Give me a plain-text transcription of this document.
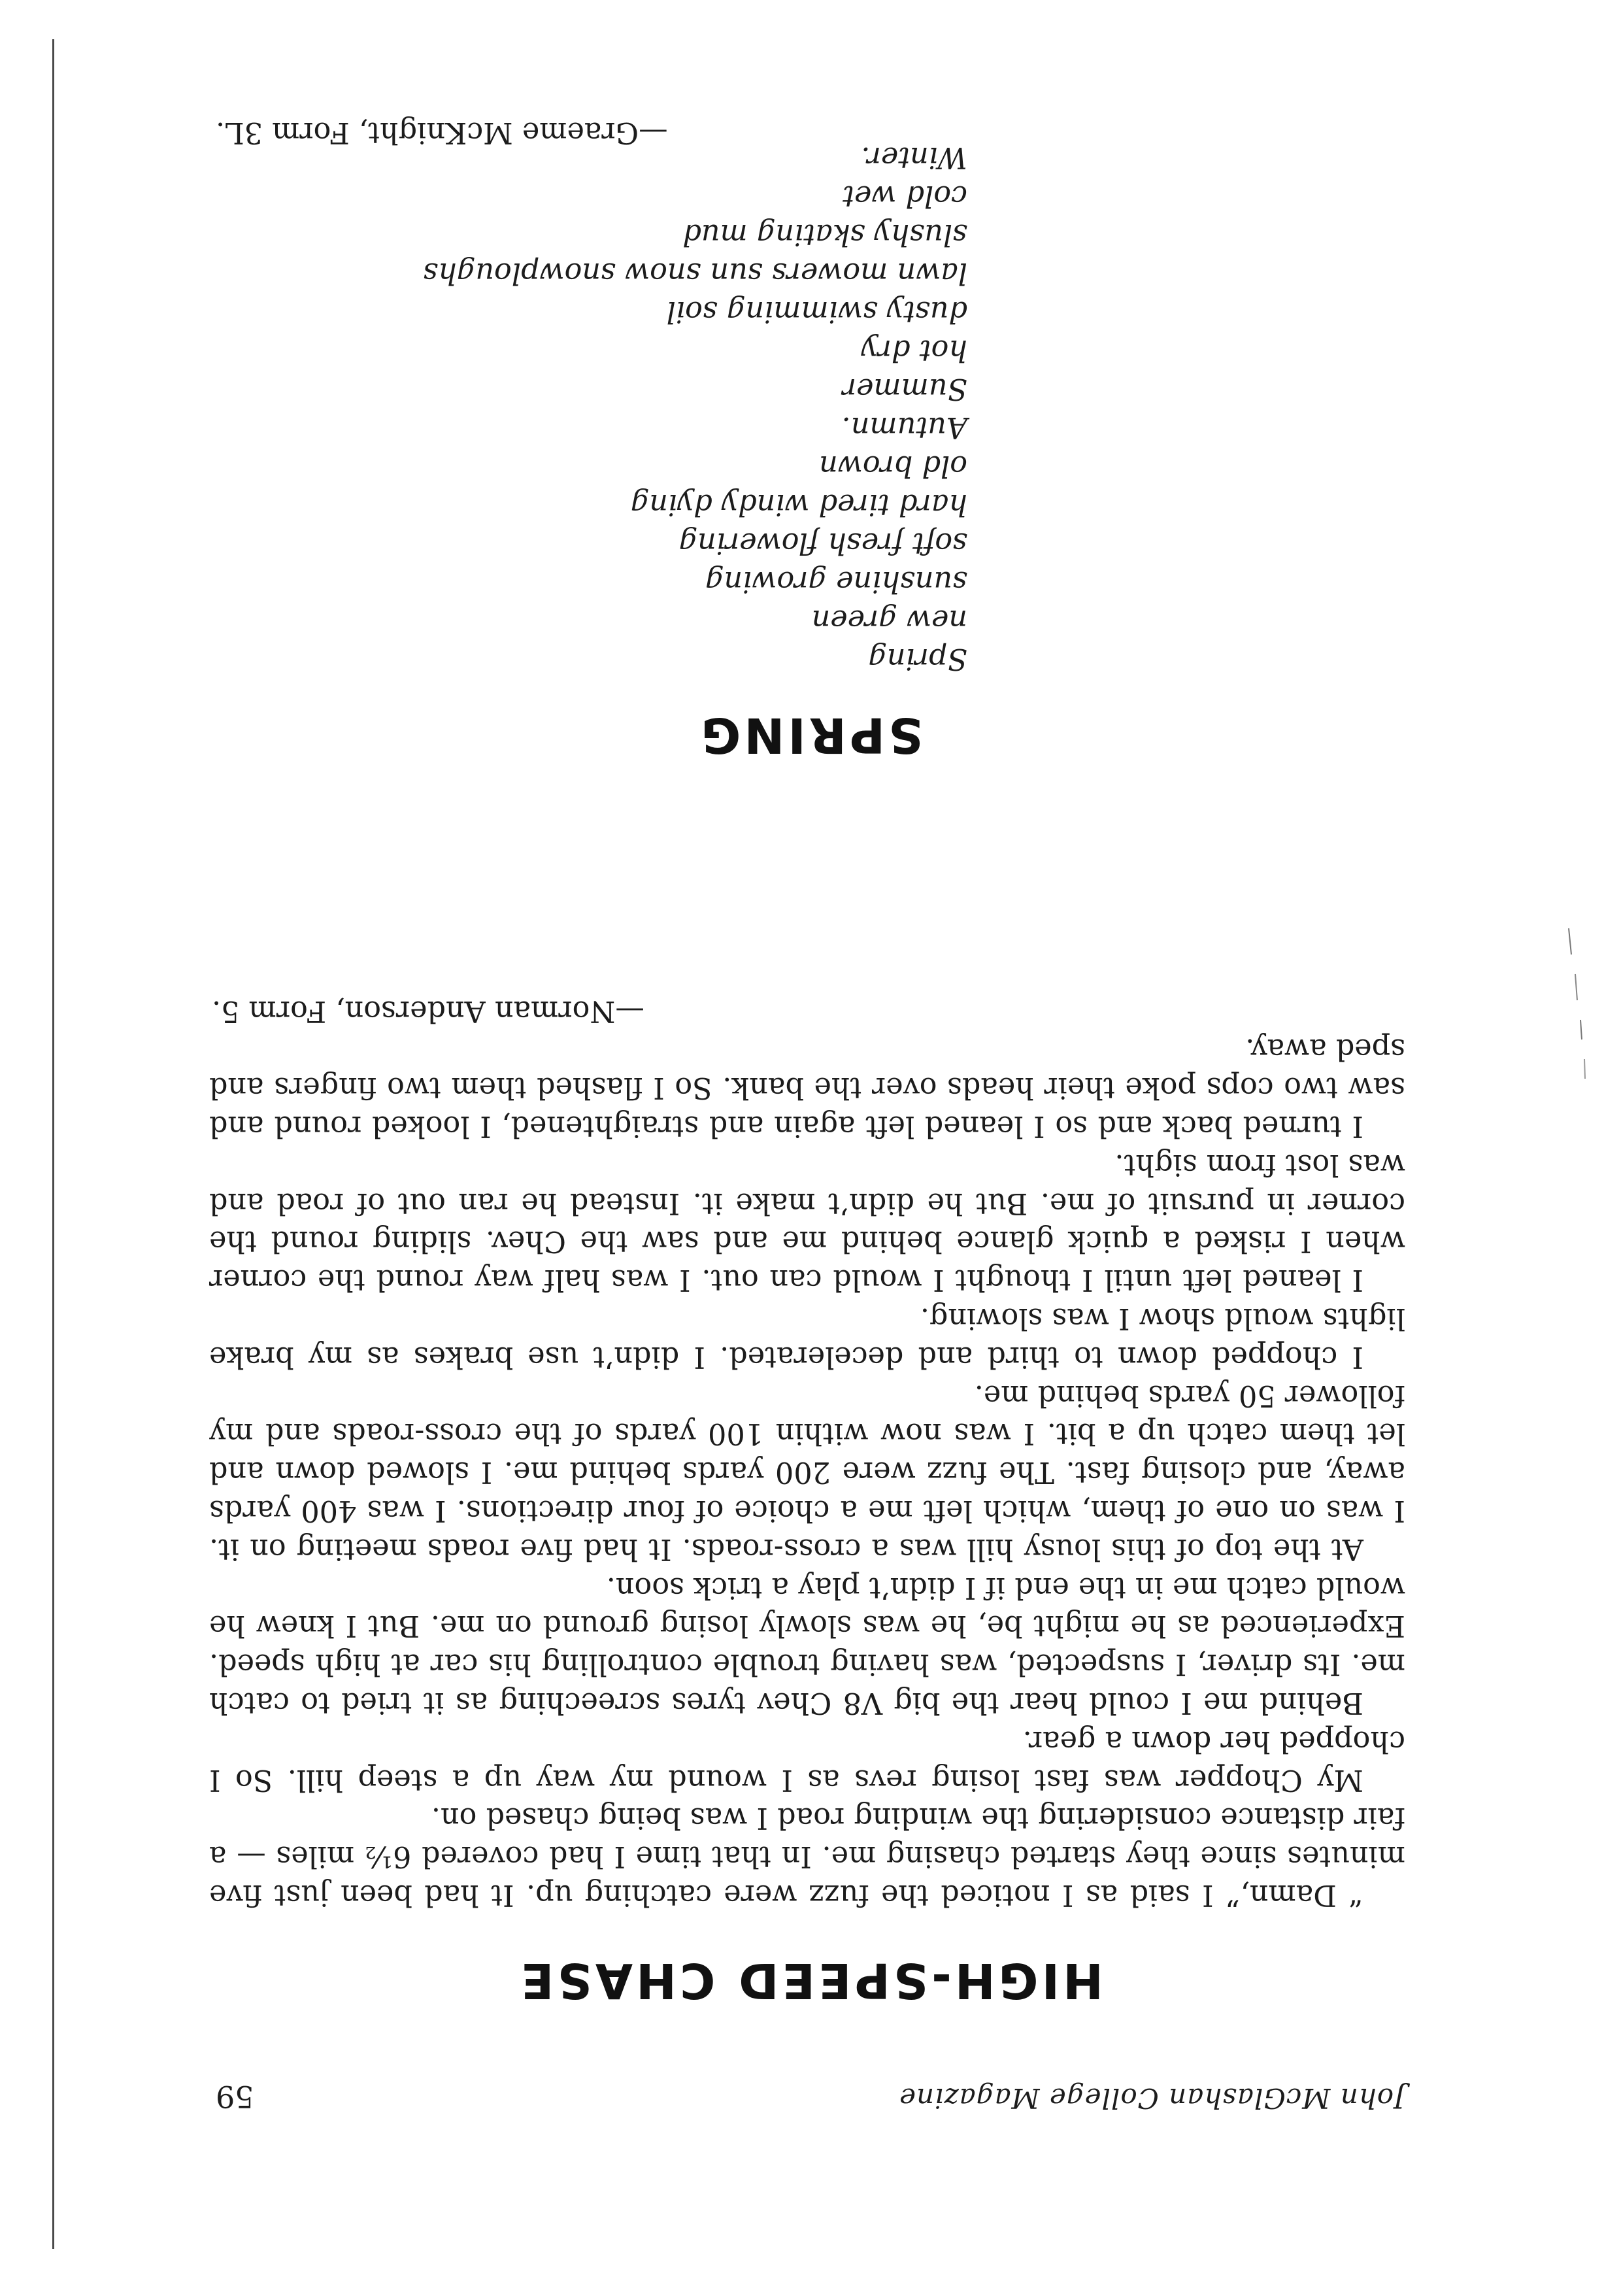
John McGlashan College Magazine
59
HIGH-SPEED CHASE

“ Damn,” I said as I noticed the fuzz were catching up. It had been just five minutes since they started chasing me. In that time I had covered 6½ miles — a fair distance considering the winding road I was being chased on.

My Chopper was fast losing revs as I wound my way up a steep hill. So I chopped her down a gear.

Behind me I could hear the big V8 Chev tyres screeching as it tried to catch me. Its driver, I suspected, was having trouble controlling his car at high speed. Experienced as he might be, he was slowly losing ground on me. But I knew he would catch me in the end if I didn’t play a trick soon.

At the top of this lousy hill was a cross-roads. It had five roads meeting on it. I was on one of them, which left me a choice of four directions. I was 400 yards away, and closing fast. The fuzz were 200 yards behind me. I slowed down and let them catch up a bit. I was now within 100 yards of the cross-roads and my follower 50 yards behind me.

I chopped down to third and decelerated. I didn’t use brakes as my brake lights would show I was slowing.

I leaned left until I thought I would can out. I was half way round the corner when I risked a quick glance behind me and saw the Chev. sliding round the corner in pursuit of me. But he didn’t make it. Instead he ran out of road and was lost from sight.

I turned back and so I leaned left again and straightened, I looked round and saw two cops poke their heads over the bank. So I flashed them two fingers and sped away.

—Norman Anderson, Form 5.

SPRING
Spring
new green
sunshine growing
soft fresh flowering
hard tired windy dying
old brown
Autumn.
Summer
hot dry
dusty swimming soil
lawn mowers sun snow snowploughs
slushy skating mud
cold wet
Winter.
—Graeme McKnight, Form 3L.
